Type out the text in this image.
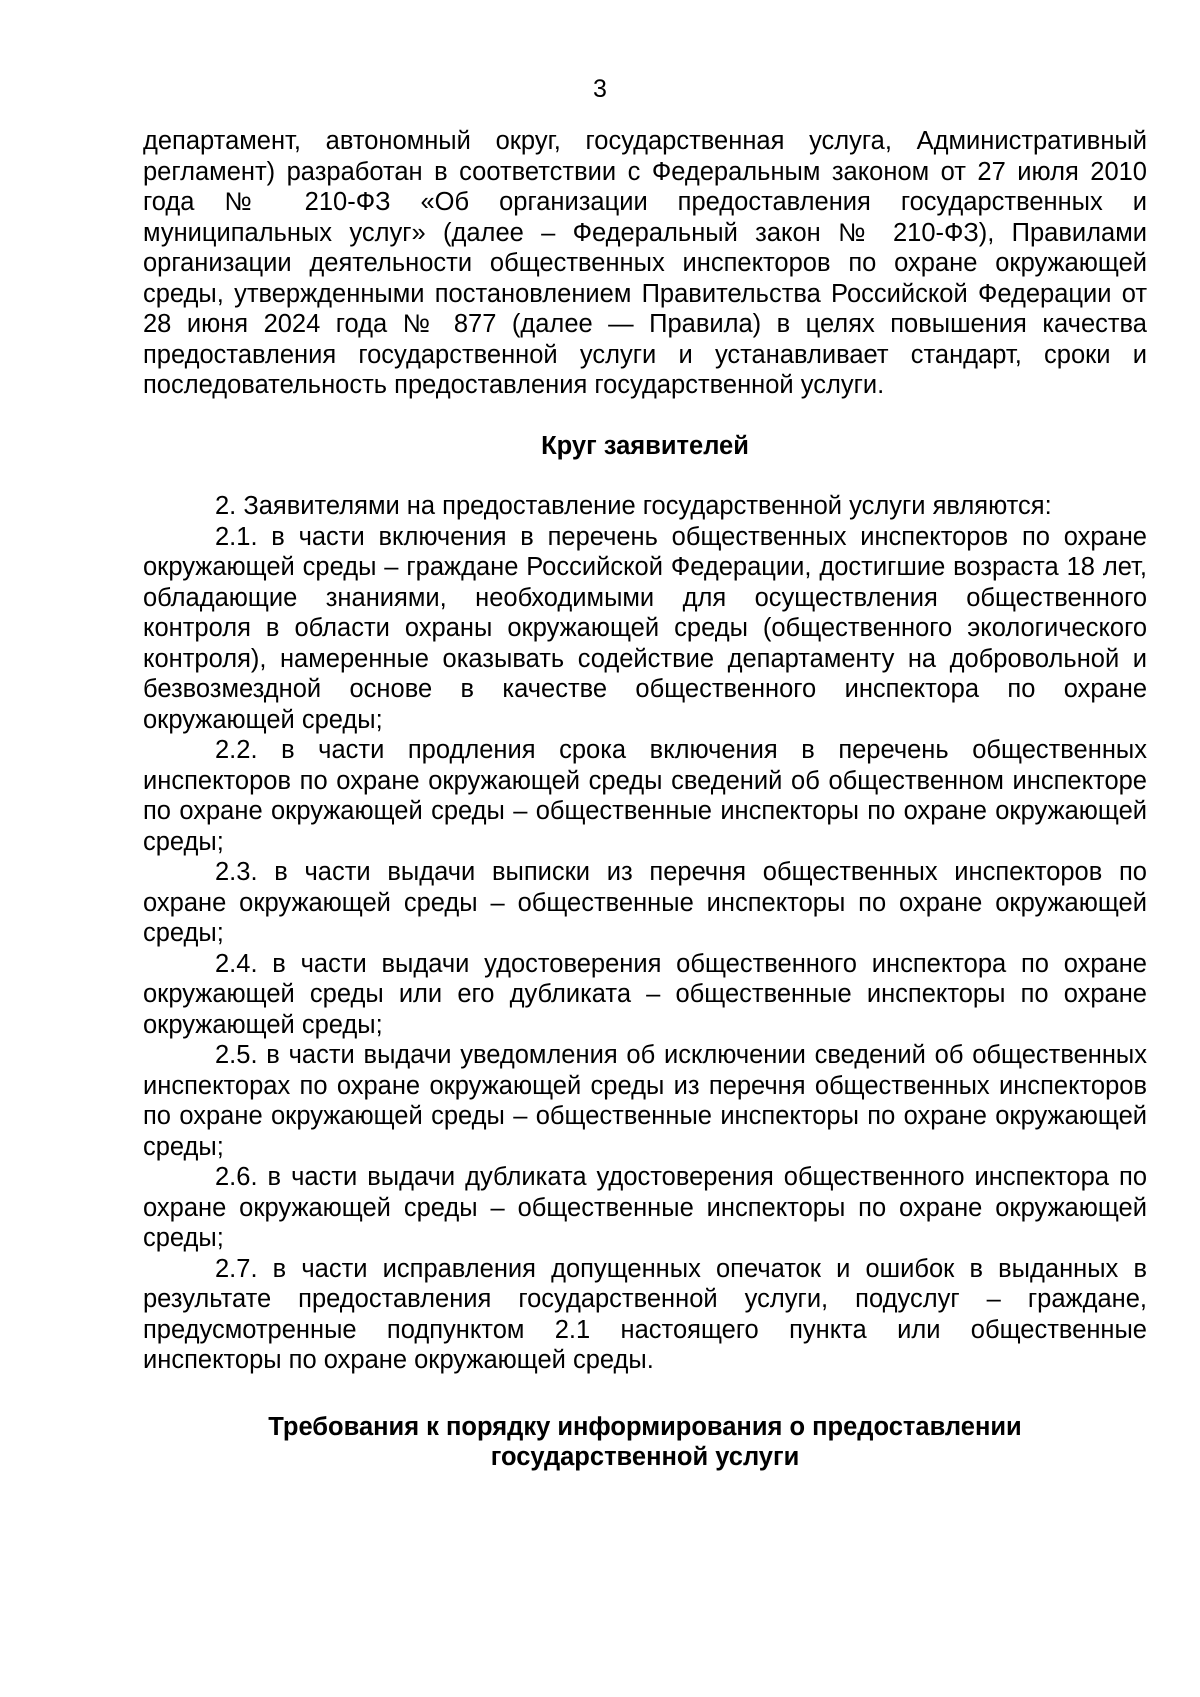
3

департамент, автономный округ, государственная услуга, Административный регламент) разработан в соответствии с Федеральным законом от 27 июля 2010 года № 210-ФЗ «Об организации предоставления государственных и муниципальных услуг» (далее – Федеральный закон № 210-ФЗ), Правилами организации деятельности общественных инспекторов по охране окружающей среды, утвержденными постановлением Правительства Российской Федерации от 28 июня 2024 года № 877 (далее — Правила) в целях повышения качества предоставления государственной услуги и устанавливает стандарт, сроки и последовательность предоставления государственной услуги.

Круг заявителей

2. Заявителями на предоставление государственной услуги являются:

2.1. в части включения в перечень общественных инспекторов по охране окружающей среды – граждане Российской Федерации, достигшие возраста 18 лет, обладающие знаниями, необходимыми для осуществления общественного контроля в области охраны окружающей среды (общественного экологического контроля), намеренные оказывать содействие департаменту на добровольной и безвозмездной основе в качестве общественного инспектора по охране окружающей среды;

2.2. в части продления срока включения в перечень общественных инспекторов по охране окружающей среды сведений об общественном инспекторе по охране окружающей среды – общественные инспекторы по охране окружающей среды;

2.3. в части выдачи выписки из перечня общественных инспекторов по охране окружающей среды – общественные инспекторы по охране окружающей среды;

2.4. в части выдачи удостоверения общественного инспектора по охране окружающей среды или его дубликата – общественные инспекторы по охране окружающей среды;

2.5. в части выдачи уведомления об исключении сведений об общественных инспекторах по охране окружающей среды из перечня общественных инспекторов по охране окружающей среды – общественные инспекторы по охране окружающей среды;

2.6. в части выдачи дубликата удостоверения общественного инспектора по охране окружающей среды – общественные инспекторы по охране окружающей среды;

2.7. в части исправления допущенных опечаток и ошибок в выданных в результате предоставления государственной услуги, подуслуг – граждане, предусмотренные подпунктом 2.1 настоящего пункта или общественные инспекторы по охране окружающей среды.

Требования к порядку информирования о предоставлении государственной услуги
